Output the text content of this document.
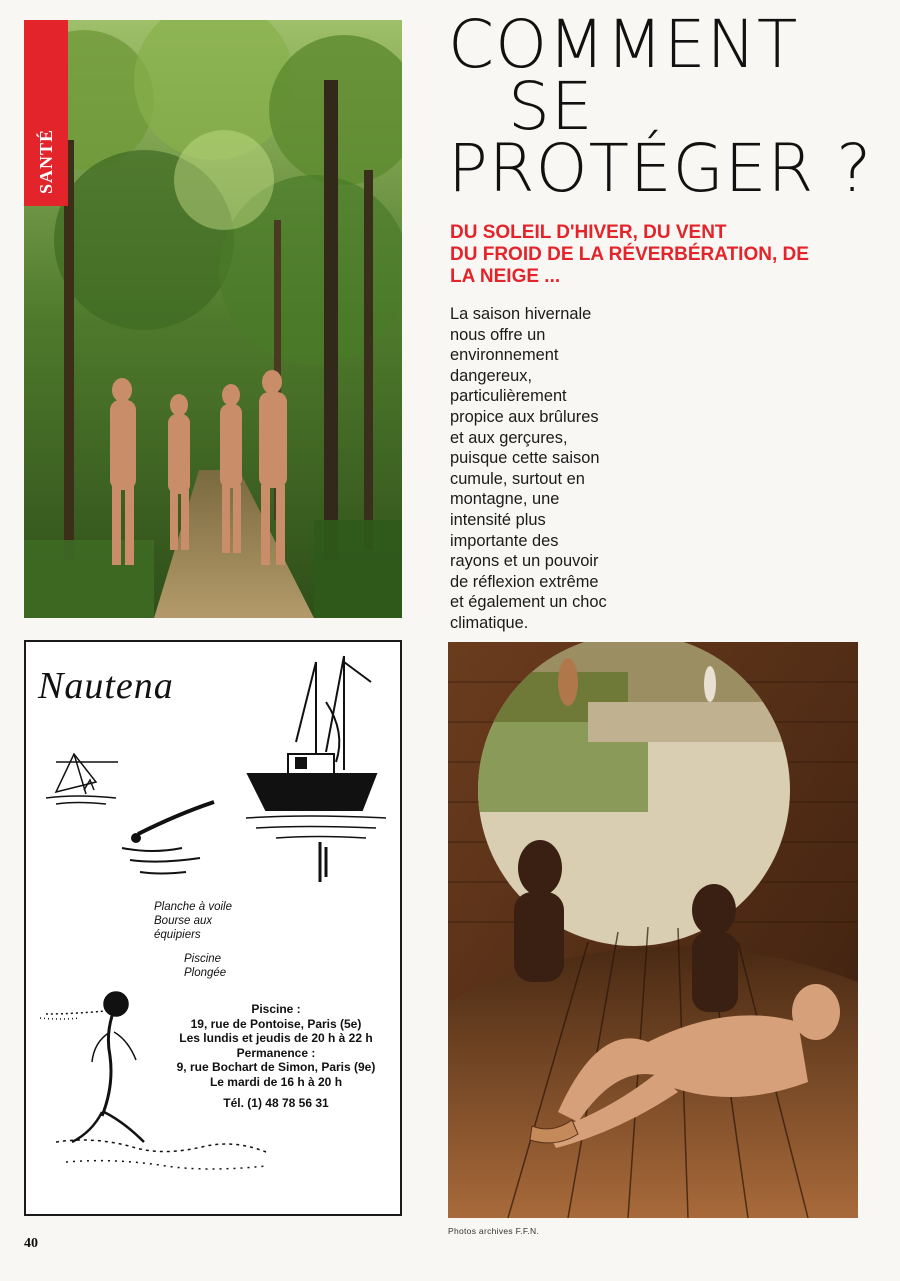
SANTÉ
COMMENT
SE
PROTÉGER ?
DU SOLEIL D'HIVER, DU VENT
DU FROID DE LA RÉVERBÉRATION, DE
LA NEIGE ...
La saison hivernale
nous offre un
environnement
dangereux,
particulièrement
propice aux brûlures
et aux gerçures,
puisque cette saison
cumule, surtout en
montagne, une
intensité plus
importante des
rayons et un pouvoir
de réflexion extrême
et également un choc
climatique.
Nautena
Planche à voile
Bourse aux
équipiers
Piscine
Plongée
Piscine :
19, rue de Pontoise, Paris (5e)
Les lundis et jeudis de 20 h à 22 h
Permanence :
9, rue Bochart de Simon, Paris (9e)
Le mardi de 16 h à 20 h
Tél. (1) 48 78 56 31
Photos archives F.F.N.
40
